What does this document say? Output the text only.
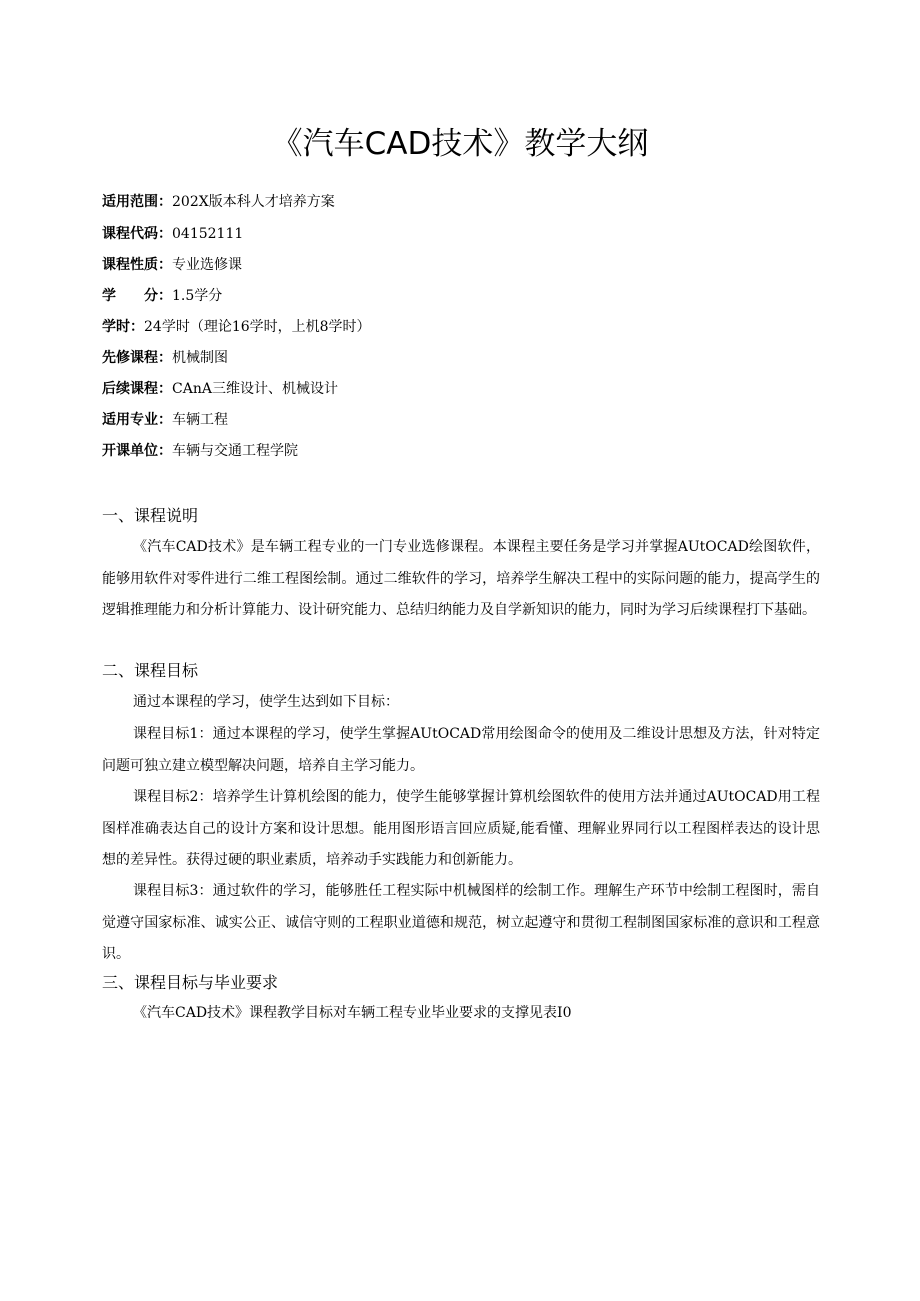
《汽车CAD技术》教学大纲
适用范围：202X版本科人才培养方案
课程代码：04152111
课程性质：专业选修课
学　　分：1.5学分
学时：24学时（理论16学时，上机8学时）
先修课程：机械制图
后续课程：CAnA三维设计、机械设计
适用专业：车辆工程
开课单位：车辆与交通工程学院
一、课程说明

《汽车CAD技术》是车辆工程专业的一门专业选修课程。本课程主要任务是学习并掌握AUtOCAD绘图软件，能够用软件对零件进行二维工程图绘制。通过二维软件的学习，培养学生解决工程中的实际问题的能力，提高学生的逻辑推理能力和分析计算能力、设计研究能力、总结归纳能力及自学新知识的能力，同时为学习后续课程打下基础。

二、课程目标

通过本课程的学习，使学生达到如下目标：

课程目标1：通过本课程的学习，使学生掌握AUtOCAD常用绘图命令的使用及二维设计思想及方法，针对特定问题可独立建立模型解决问题，培养自主学习能力。

课程目标2：培养学生计算机绘图的能力，使学生能够掌握计算机绘图软件的使用方法并通过AUtOCAD用工程图样准确表达自己的设计方案和设计思想。能用图形语言回应质疑,能看懂、理解业界同行以工程图样表达的设计思想的差异性。获得过硬的职业素质，培养动手实践能力和创新能力。

课程目标3：通过软件的学习，能够胜任工程实际中机械图样的绘制工作。理解生产环节中绘制工程图时，需自觉遵守国家标准、诚实公正、诚信守则的工程职业道德和规范，树立起遵守和贯彻工程制图国家标准的意识和工程意识。

三、课程目标与毕业要求

《汽车CAD技术》课程教学目标对车辆工程专业毕业要求的支撑见表I0
